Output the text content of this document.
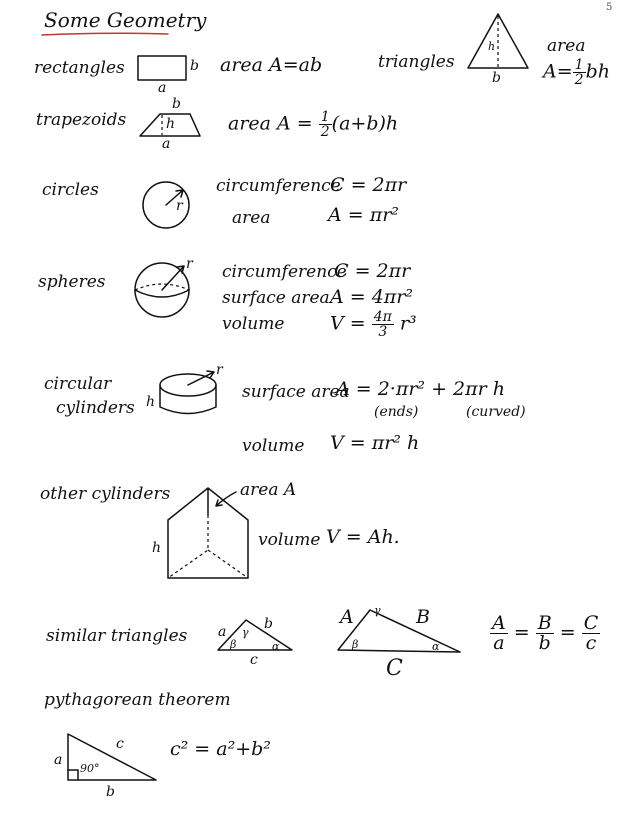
5
Some Geometry
rectangles	b
a
area A=ab	triangles
h
b
area
$A= \frac{1}{2}$ bh
trapezoids
b
h
a
area $A = \frac{1}{2} (a+b)h$
circles
r
circumference
C = 2πr
area	A = πr²
spheres
r circumference
C = 2πr
surface area A = 4πr²
volume $V = \frac{4\pi}{3} r^3$
circular
cylinders
r
h	surface area
A = 2·πr² + 2πr h
(ends)	(curved)
volume V = πr² h
other cylinders	area A
h	volume V = Ah.
similar triangles a	b
c
γ
β	α
A	B
C
γ
β	α	$\frac{A}{a} = \frac{B}{b} = \frac{C}{c}$
pythagorean theorem
a
b
c
90°
c² = a²+b²
